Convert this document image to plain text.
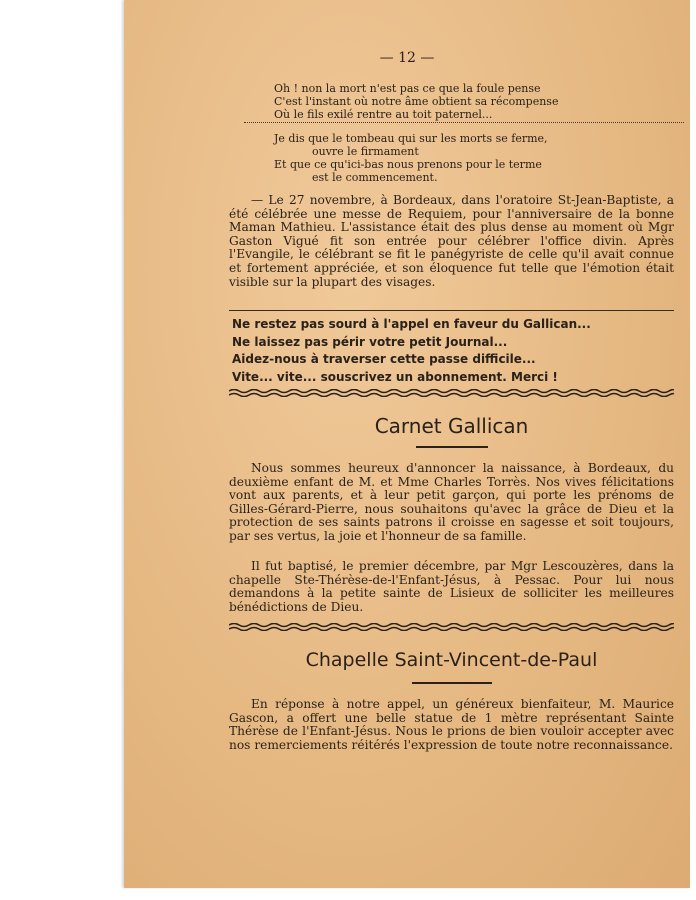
— 12 —
Oh ! non la mort n'est pas ce que la foule pense
C'est l'instant où notre âme obtient sa récompense
Où le fils exilé rentre au toit paternel...
Je dis que le tombeau qui sur les morts se ferme,
ouvre le firmament
Et que ce qu'ici-bas nous prenons pour le terme
est le commencement.

— Le 27 novembre, à Bordeaux, dans l'oratoire St-Jean-Baptiste, a été célébrée une messe de Requiem, pour l'anniversaire de la bonne Maman Mathieu. L'assistance était des plus dense au moment où Mgr Gaston Vigué fit son entrée pour célébrer l'office divin. Après l'Evangile, le célébrant se fit le panégyriste de celle qu'il avait connue et fortement appréciée, et son éloquence fut telle que l'émotion était visible sur la plupart des visages.

Ne restez pas sourd à l'appel en faveur du Gallican...
Ne laissez pas périr votre petit Journal...
Aidez-nous à traverser cette passe difficile...
Vite... vite... souscrivez un abonnement. Merci !
Carnet Gallican

Nous sommes heureux d'annoncer la naissance, à Bordeaux, du deuxième enfant de M. et Mme Charles Torrès. Nos vives félicitations vont aux parents, et à leur petit garçon, qui porte les prénoms de Gilles-Gérard-Pierre, nous souhaitons qu'avec la grâce de Dieu et la protection de ses saints patrons il croisse en sagesse et soit toujours, par ses vertus, la joie et l'honneur de sa famille.

Il fut baptisé, le premier décembre, par Mgr Lescouzères, dans la chapelle Ste-Thérèse-de-l'Enfant-Jésus, à Pessac. Pour lui nous demandons à la petite sainte de Lisieux de solliciter les meilleures bénédictions de Dieu.

Chapelle Saint-Vincent-de-Paul

En réponse à notre appel, un généreux bienfaiteur, M. Maurice Gascon, a offert une belle statue de 1 mètre représentant Sainte Thérèse de l'Enfant-Jésus. Nous le prions de bien vouloir accepter avec nos remerciements réitérés l'expression de toute notre reconnaissance.
